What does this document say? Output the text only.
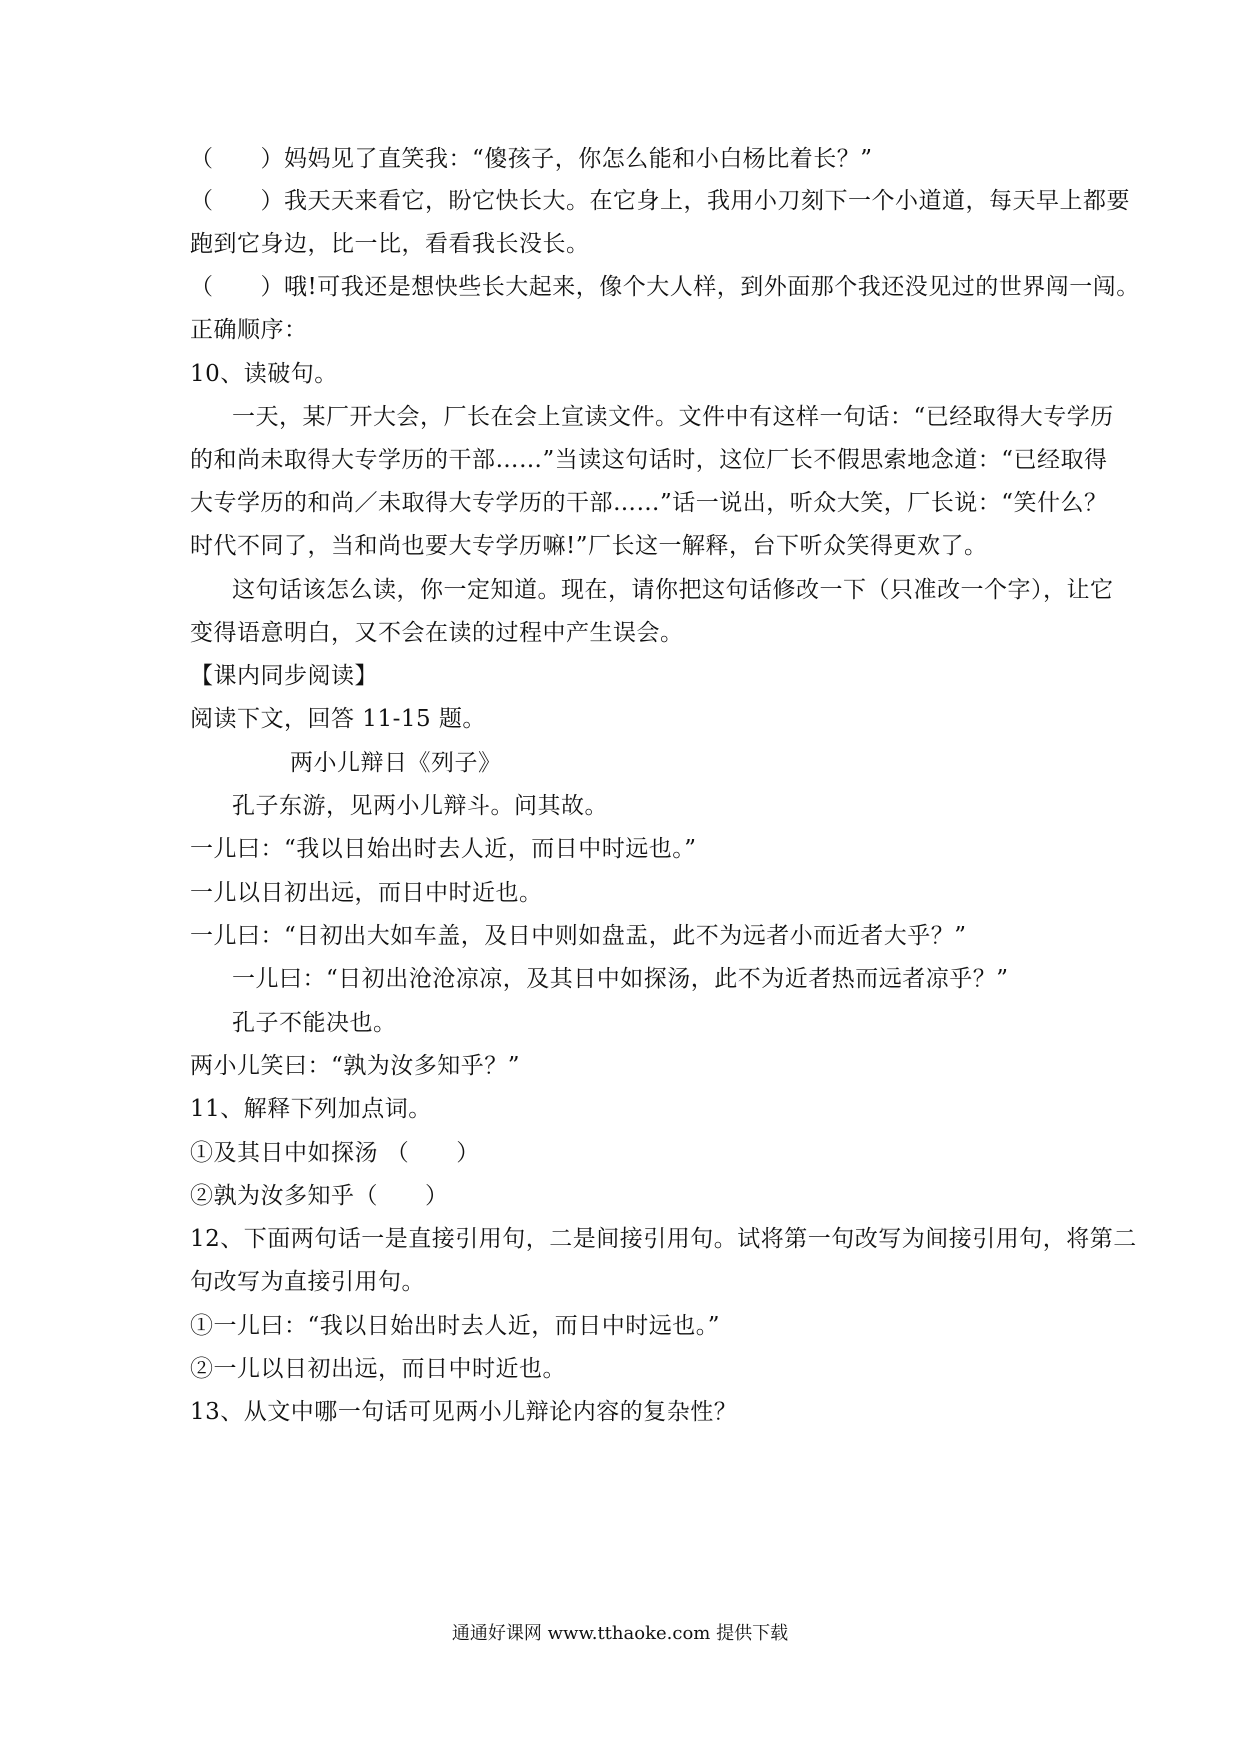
（　　）妈妈见了直笑我：“傻孩子，你怎么能和小白杨比着长？”
（　　）我天天来看它，盼它快长大。在它身上，我用小刀刻下一个小道道，每天早上都要
跑到它身边，比一比，看看我长没长。
（　　）哦!可我还是想快些长大起来，像个大人样，到外面那个我还没见过的世界闯一闯。
正确顺序：
10、读破句。
一天，某厂开大会，厂长在会上宣读文件。文件中有这样一句话：“已经取得大专学历
的和尚未取得大专学历的干部……”当读这句话时，这位厂长不假思索地念道：“已经取得
大专学历的和尚／未取得大专学历的干部……”话一说出，听众大笑，厂长说：“笑什么？
时代不同了，当和尚也要大专学历嘛!”厂长这一解释，台下听众笑得更欢了。
这句话该怎么读，你一定知道。现在，请你把这句话修改一下（只准改一个字），让它
变得语意明白，又不会在读的过程中产生误会。
【课内同步阅读】
阅读下文，回答 11-15 题。
两小儿辩日《列子》
孔子东游，见两小儿辩斗。问其故。
一儿曰：“我以日始出时去人近，而日中时远也。”
一儿以日初出远，而日中时近也。
一儿曰：“日初出大如车盖，及日中则如盘盂，此不为远者小而近者大乎？”
一儿曰：“日初出沧沧凉凉，及其日中如探汤，此不为近者热而远者凉乎？”
孔子不能决也。
两小儿笑曰：“孰为汝多知乎？”
11、解释下列加点词。
①及其日中如探汤 （　　）
②孰为汝多知乎（　　）
12、下面两句话一是直接引用句，二是间接引用句。试将第一句改写为间接引用句，将第二
句改写为直接引用句。
①一儿曰：“我以日始出时去人近，而日中时远也。”
②一儿以日初出远，而日中时近也。
13、从文中哪一句话可见两小儿辩论内容的复杂性？
通通好课网 www.tthaoke.com 提供下载
